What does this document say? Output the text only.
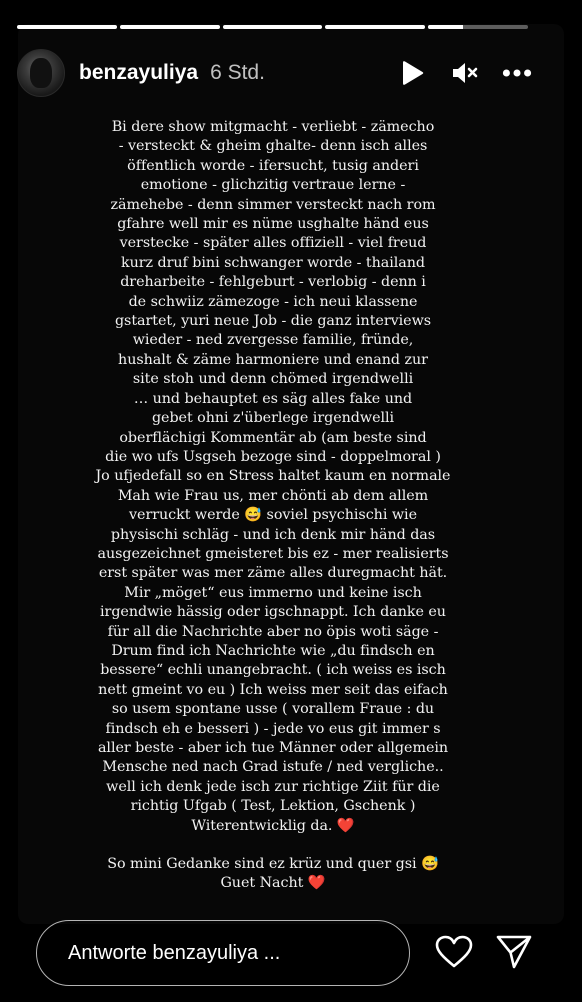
benzayuliya 6 Std.

Bi dere show mitgmacht - verliebt - zämecho

- versteckt & gheim ghalte- denn isch alles

öffentlich worde - ifersucht, tusig anderi

emotione - glichzitig vertraue lerne -

zämehebe - denn simmer versteckt nach rom

gfahre well mir es nüme usghalte händ eus

verstecke - später alles offiziell - viel freud

kurz druf bini schwanger worde - thailand

dreharbeite - fehlgeburt - verlobig - denn i

de schwiiz zämezoge - ich neui klassene

gstartet, yuri neue Job - die ganz interviews

wieder - ned zvergesse familie, fründe,

hushalt & zäme harmoniere und enand zur

site stoh und denn chömed irgendwelli

… und behauptet es säg alles fake und

gebet ohni z'überlege irgendwelli

oberflächigi Kommentär ab (am beste sind

die wo ufs Usgseh bezoge sind - doppelmoral )

Jo ufjedefall so en Stress haltet kaum en normale

Mah wie Frau us, mer chönti ab dem allem

verruckt werde 😅 soviel psychischi wie

physischi schläg - und ich denk mir händ das

ausgezeichnet gmeisteret bis ez - mer realisierts

erst später was mer zäme alles duregmacht hät.

Mir „möget“ eus immerno und keine isch

irgendwie hässig oder igschnappt. Ich danke eu

für all die Nachrichte aber no öpis woti säge -

Drum find ich Nachrichte wie „du findsch en

bessere“ echli unangebracht. ( ich weiss es isch

nett gmeint vo eu ) Ich weiss mer seit das eifach

so usem spontane usse ( vorallem Fraue : du

findsch eh e besseri ) - jede vo eus git immer s

aller beste - aber ich tue Männer oder allgemein

Mensche ned nach Grad istufe / ned vergliche..

well ich denk jede isch zur richtige Ziit für die

richtig Ufgab ( Test, Lektion, Gschenk )

Witerentwicklig da. ❤️

So mini Gedanke sind ez krüz und quer gsi 😅

Guet Nacht ❤️

Antworte benzayuliya ...
